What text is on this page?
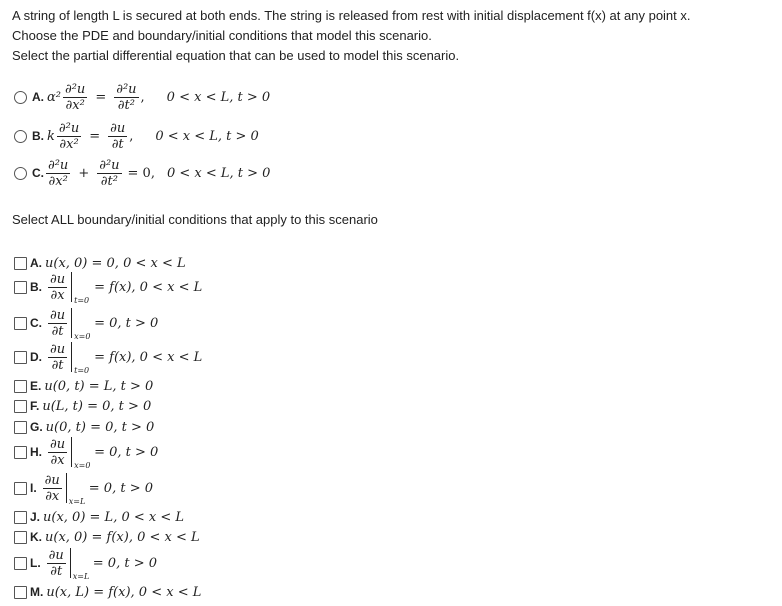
A string of length L is secured at both ends. The string is released from rest with initial displacement f(x) at any point x.
Choose the PDE and boundary/initial conditions that model this scenario.
Select the partial differential equation that can be used to model this scenario.
A. $\alpha^2 \frac{\text{∂²u}}{\text{∂x²}} = \frac{\text{∂²u}}{\text{∂t²}}$ , 0 < x < L, t > 0
B. k $\frac{\text{∂²u}}{\text{∂x²}} = \frac{\partial u}{\partial t}$ , 0 < x < L, t > 0
C. $\frac{\text{∂²u}}{\text{∂x²}} + \frac{\text{∂²u}}{\text{∂t²}} = 0$, 0 < x < L, t > 0
Select ALL boundary/initial conditions that apply to this scenario
A. u(x, 0) = 0, 0 < x < L
B. $\frac{\partial u}{\partial x} t=0$
= f(x), 0 < x < L
C. $\frac{\partial u}{\partial t} x=0$
= 0, t > 0
D. $\frac{\partial u}{\partial t} t=0$
= f(x), 0 < x < L
E. u(0, t) = L, t > 0
F. u(L, t) = 0, t > 0
G. u(0, t) = 0, t > 0
H. $\frac{\partial u}{\partial x} x=0$
= 0, t > 0
I. $\frac{\partial u}{\partial x} x=L$
= 0, t > 0
J. u(x, 0) = L, 0 < x < L
K. u(x, 0) = f(x), 0 < x < L
L. $\frac{\partial u}{\partial t} x=L$
= 0, t > 0
M. u(x, L) = f(x), 0 < x < L
